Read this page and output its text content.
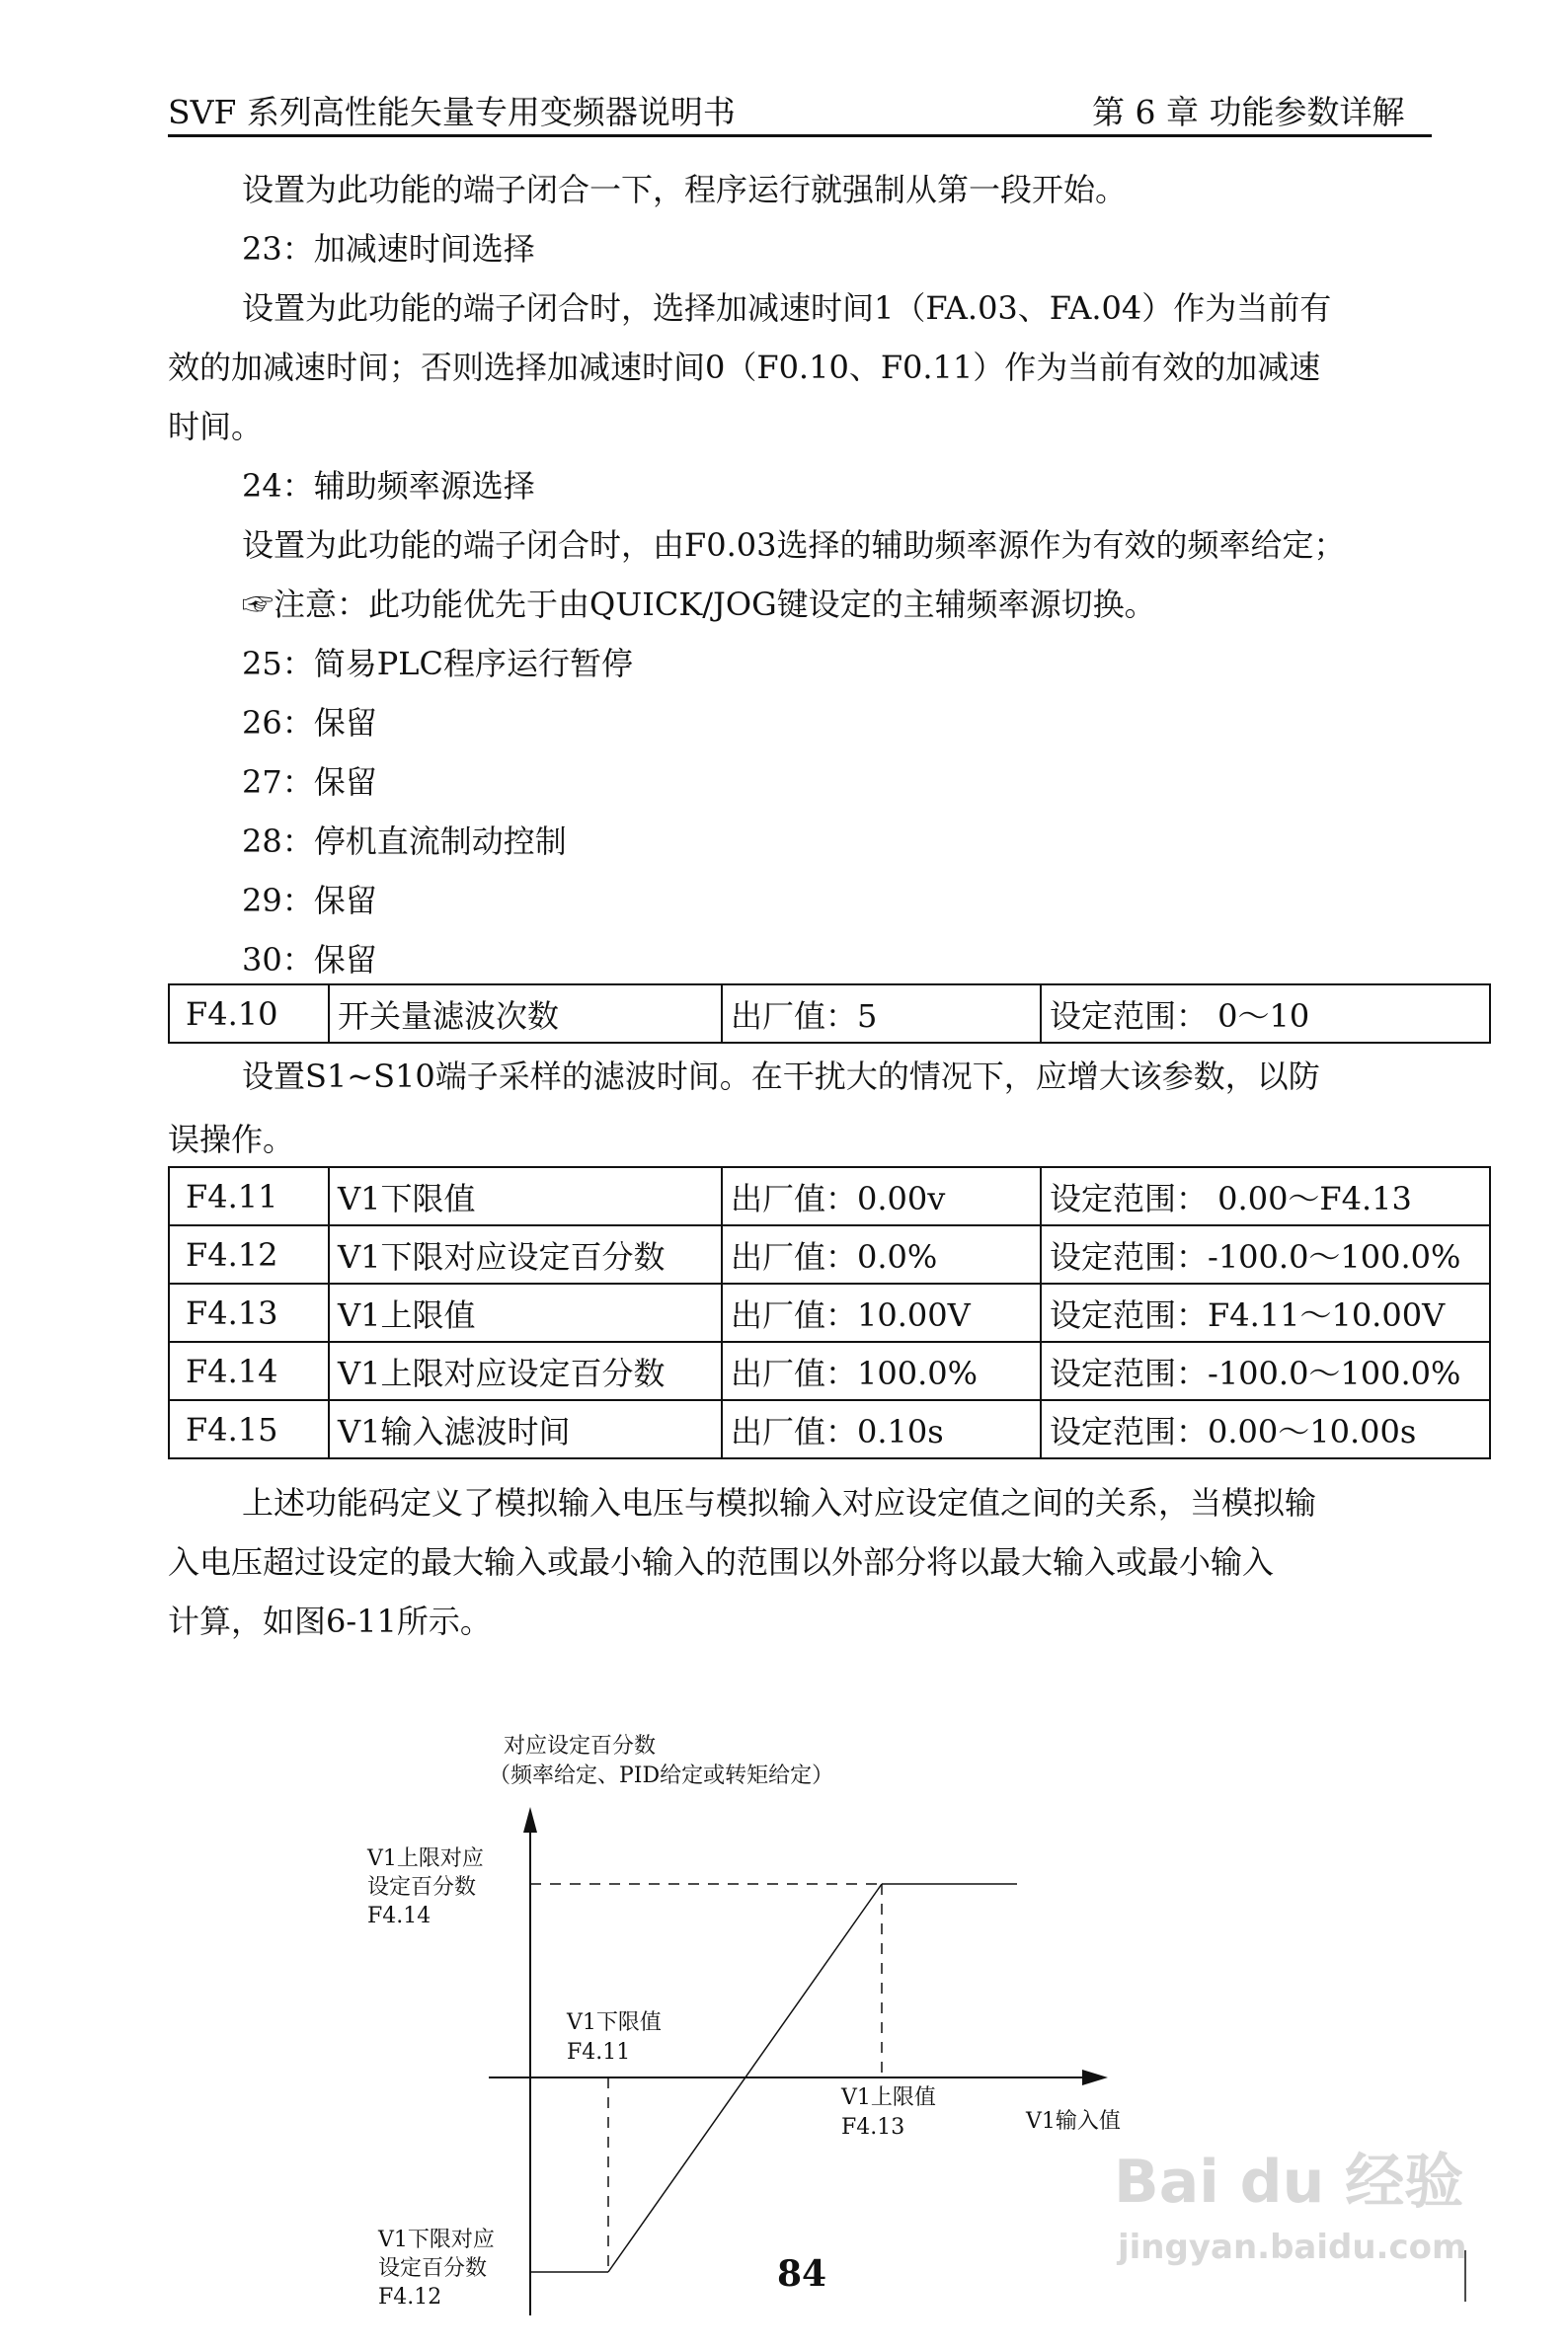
SVF 系列高性能矢量专用变频器说明书	第 6 章 功能参数详解
设置为此功能的端子闭合一下，程序运行就强制从第一段开始。
23：加减速时间选择
设置为此功能的端子闭合时，选择加减速时间1（FA.03、FA.04）作为当前有
效的加减速时间；否则选择加减速时间0（F0.10、F0.11）作为当前有效的加减速
时间。
24：辅助频率源选择
设置为此功能的端子闭合时，由F0.03选择的辅助频率源作为有效的频率给定；
☞注意：此功能优先于由QUICK/JOG键设定的主辅频率源切换。
25：简易PLC程序运行暂停
26：保留
27：保留
28：停机直流制动控制
29：保留
30：保留
F4.10	开关量滤波次数	出厂值：5	设定范围： 0～10
设置S1~S10端子采样的滤波时间。在干扰大的情况下，应增大该参数，以防
误操作。
F4.11	V1下限值	出厂值：0.00v	设定范围： 0.00～F4.13
F4.12	V1下限对应设定百分数	出厂值：0.0%	设定范围：-100.0～100.0%
F4.13	V1上限值	出厂值：10.00V	设定范围：F4.11～10.00V
F4.14	V1上限对应设定百分数	出厂值：100.0%	设定范围：-100.0～100.0%
F4.15	V1输入滤波时间	出厂值：0.10s	设定范围：0.00～10.00s
上述功能码定义了模拟输入电压与模拟输入对应设定值之间的关系，当模拟输
入电压超过设定的最大输入或最小输入的范围以外部分将以最大输入或最小输入
计算，如图6-11所示。
对应设定百分数
（频率给定、PID给定或转矩给定）
V1上限对应
设定百分数
F4.14
V1下限值
F4.11
V1上限值
F4.13	V1输入值
V1下限对应
设定百分数
F4.12
84
Bai du 经验
jingyan.baidu.com
